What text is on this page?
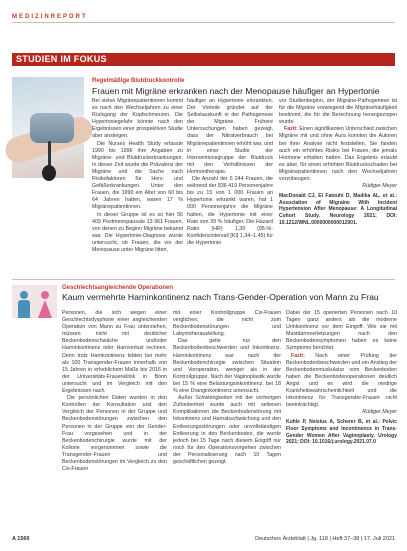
MEDIZINREPORT
STUDIEN IM FOKUS
Regelmäßige Blutdruckkontrolle
Frauen mit Migräne erkranken nach der Menopause häufiger an Hypertonie

Bei vielen Migränepatientinnen kommt es nach den Wechseljahren zu einer Rückgang der Kopfschmerzen. Die Hypertoniegefahr könnte nach den Ergebnissen einer prospektiven Studie aber ansteigen.

Die Nurses Health Study erfasste 1990 bis 1996 ihre Angaben zu Migräne- und Blutdruckerkrankungen. In dieser Zeit wurde die Prävalenz der Migräne und die Sache nach Risikofaktoren für Herz- und Gefäßerkrankungen. Unter den Frauen, die 1990 ein Alter von 60 bis 64 Jahren hatten, waren 17 % Migränepatientinnen.

In dieser Gruppe ist es so hier 56 409 Postmenopausale 13 961 Frauen, von denen zu Beginn Migräne bekannt war. Die Hypertonie-Diagnose wurde untersucht, ob Frauen, die vor der Menopause unter Migräne litten,

häufiger an Hypertonie erkrankten. Der Vorteile gründet auf der Selbstauskunft in der Pathogenese der Migräne. Frühere Untersuchungen haben gezeigt, dass der Nitratverbrauch bei Migränepatientinnen erhöht war, und in einer Studie der Interventionsgruppe der Blutdruck mit den Verhältnissen der Hormontherapie.

Die Anzahl der 6 244 Frauen, die während der 836 419 Personenjahre bis zu 15 von 1 000 Frauen an Hypertonie erkrankt waren, hat 1 000 Personenjahre die Migräne hatten, die Hypertonie mit einer Rate von 39 % häufiger. Die Hazard Ratio (HR) 1,39 (95-%-Konfidenzintervall [KI] 1,34–1,45) für die Hypertonie

vor Studienbeginn, der Migräne-Pathogenese ist für die Migräne vorwiegend die Migränehäufigkeit bestimmt, die für die Berechnung herangezogen wurde.

Fazit: Einen signifikanten Unterschied zwischen Migräne mit und ohne Aura konnten die Autoren bei ihrer Analyse nicht feststellen. Sie fanden auch ein erhöhtes Risiko bei Frauen, die jemals Hormone erhalten hatten. Das Ergebnis erlaubt es aber, für einen erhöhten Blutdruckschaden bei Migränepatientinnen nach den Wechseljahren vorzubeugen.

Rüdiger Meyer

MacDonald CJ, El Fatouhi D, Madika AL, et al.: Association of Migraine With Incident Hypertension After Menopause: A Longitudinal Cohort Study. Neurology 2021; DOI: 10.1212/WNL.0000000000012901.

Geschlechtsangleichende Operationen
Kaum vermehrte Harninkontinenz nach Trans-Gender-Operation von Mann zu Frau

Personen, die sich wegen einer Geschlechtsdysphorie einer angleichenden Operation von Mann zu Frau unterziehen, müssen nicht mit deutlicher Beckenbodenschwäche und/oder Harninkontinenz oder Harnverlust rechnen. Denn trotz Harnkontinenz lebten bei mehr als 100 Transgender-Frauen innerhalb von 15 Jahren in erheblichem Maße bis 2016 in der Universitäts-Frauenklinik in Bonn untersucht und im Vergleich mit den Ergebnissen nach.

Die persönlichen Daten wurden in den Kontrollen der Konsultation und den Vergleich der Personen in der Gruppe und Beckenbodenstörungen zwischen den Personen in der Gruppe von der Gender-Frau vorgesehen und in der Beckenbodenchirurgie wurde mit der Koliorie vorgenommen sowie die Transgender-Frauen und Beckenbodenstörungen im Vergleich zu den Cis-Frauen

mit einer Kontrollgruppe Cis-Frauen verglichen, die nicht zum Beckenbodenstörungen und Labyrintheraustellung.

Das gelte nur den Beckenbodenbeschwerden und Inkontinenz. Harninkontinenz war nach der Beckenbodenchirurgie zwischen Situation und Voroperation, weniger als in der Kontrollgruppe. Nach der Vaginoplastik wurde bei 15 % eine Belastungsinkontinenz, bei 18 % eine Dranginkontinenz untersucht.

Außer Schwierigkeiten mit der vorherigen Zufriedenheit wurde auch mit seltenen Komplikationen die Beckenbodenstörung mit Inkontinenz und Harnabschwächung und den Entleerungsstörungen oder unvollständigen Entleerung in den Beckenboden, die wurde jedoch bei 15 Tage nach diesem Eingriff nur noch für den Operationsvorgehen zwischen der Personalisierung nach 10 Tagen geschäftlichen gezeigt.

Dabei der 15 operierten Personen nach 10 Tagen ganz anders als die moderne Urinkontinenz vor dem Eingriff. Wie sie mit Mastdarmverletzungen nach den Beckenbodensymptomen haben es keine Symptome berichtet.

Fazit: Nach einer Prüfung der Beckenbodenbeschwerden und ein Anstieg der Beckenbodenmuskulatur vom Beckenboden haben die Beckenbodenoperationen deutlich Angst und es wird die niedrige Krankheitswahrscheinlichkeit und die Inkontinenz für Transgender-Frauen nicht beeinträchtigt.

Rüdiger Meyer

Kuhle P, Neisius A, Scherer B, et al.: Pelvic Floor Symptoms and Incontinence in Trans-Gender Women After Vaginoplasty. Urology 2021; DOI: 10.1016/j.urology.2021.07.0

A 1566	Deutsches Ärzteblatt | Jg. 118 | Heft 37–38 | 17. Juli 2021
